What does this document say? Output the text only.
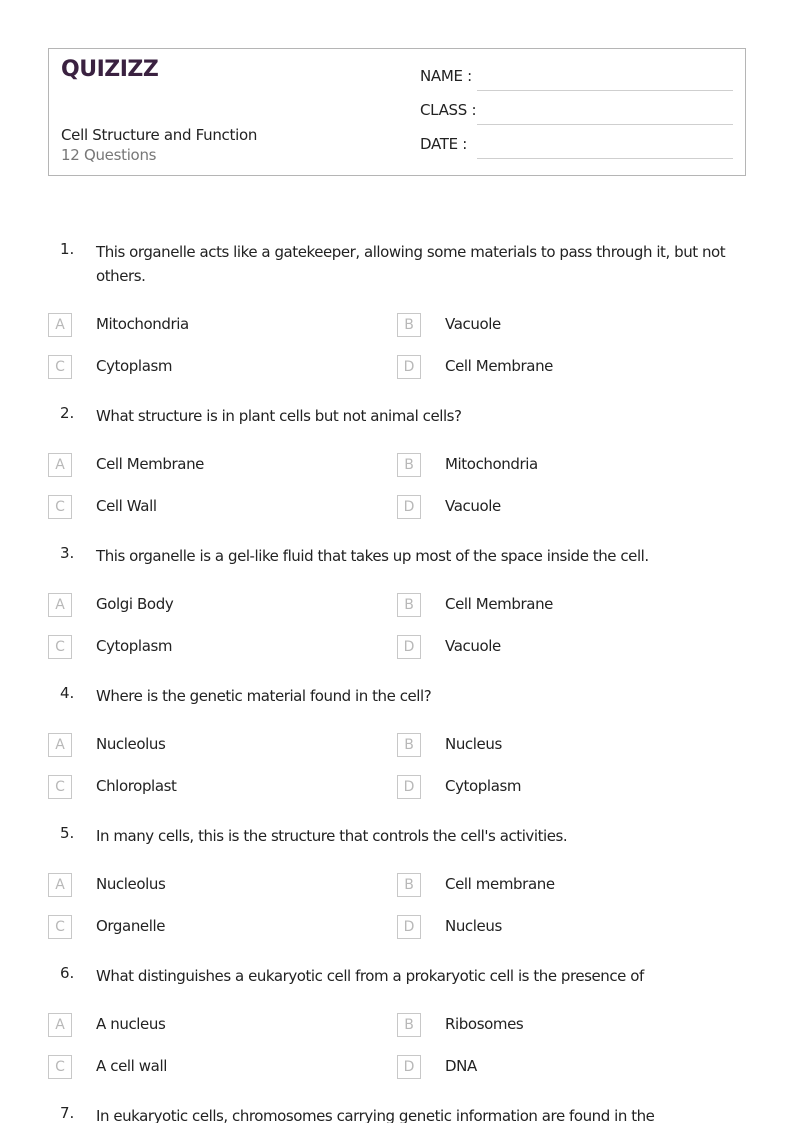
QUIZIZZ
Cell Structure and Function
12 Questions
NAME :
CLASS :
DATE :
1. This organelle acts like a gatekeeper, allowing some materials to pass through it, but not others.
A	Mitochondria	B	Vacuole
C	Cytoplasm	D	Cell Membrane
2. What structure is in plant cells but not animal cells?
A	Cell Membrane	B	Mitochondria
C	Cell Wall	D	Vacuole
3. This organelle is a gel-like fluid that takes up most of the space inside the cell.
A	Golgi Body	B	Cell Membrane
C	Cytoplasm	D	Vacuole
4. Where is the genetic material found in the cell?
A	Nucleolus	B	Nucleus
C	Chloroplast	D	Cytoplasm
5. In many cells, this is the structure that controls the cell's activities.
A	Nucleolus	B	Cell membrane
C	Organelle	D	Nucleus
6. What distinguishes a eukaryotic cell from a prokaryotic cell is the presence of
A	A nucleus	B	Ribosomes
C	A cell wall	D	DNA
7. In eukaryotic cells, chromosomes carrying genetic information are found in the
